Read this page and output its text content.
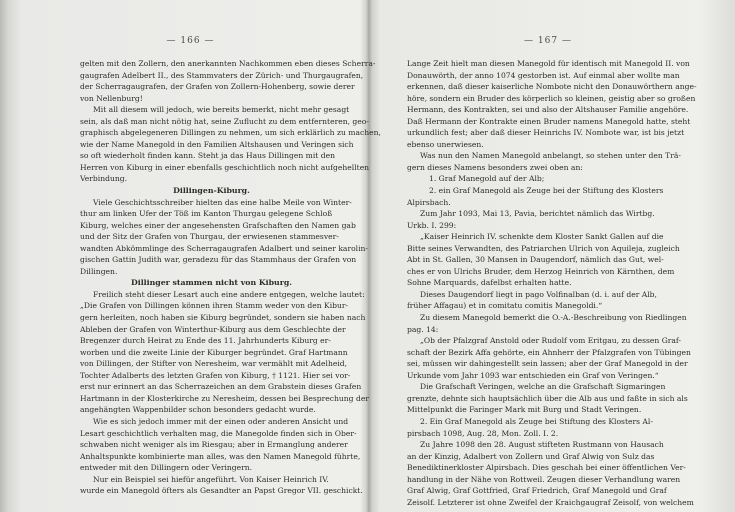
— 166 —
gelten mit den Zollern, den anerkannten Nachkommen eben dieses Scherra-
gaugrafen Adelbert II., des Stammvaters der Zürich- und Thurgaugrafen,
der Scherragaugrafen, der Grafen von Zollern-Hohenberg, sowie derer
von Nellenburg!
Mit all diesem will jedoch, wie bereits bemerkt, nicht mehr gesagt
sein, als daß man nicht nötig hat, seine Zuflucht zu dem entfernteren, geo-
graphisch abgelegeneren Dillingen zu nehmen, um sich erklärlich zu machen,
wie der Name Manegold in den Familien Altshausen und Veringen sich
so oft wiederholt finden kann. Steht ja das Haus Dillingen mit den
Herren von Kiburg in einer ebenfalls geschichtlich noch nicht aufgehellten
Verbindung.
Dillingen-Kiburg.
Viele Geschichtsschreiber hielten das eine halbe Meile von Winter-
thur am linken Ufer der Töß im Kanton Thurgau gelegene Schloß
Kiburg, welches einer der angesehensten Grafschaften den Namen gab
und der Sitz der Grafen von Thurgau, der erwiesenen stammesver-
wandten Abkömmlinge des Scherragaugrafen Adalbert und seiner karolin-
gischen Gattin Judith war, geradezu für das Stammhaus der Grafen von
Dillingen.
Dillinger stammen nicht von Kiburg.
Freilich steht dieser Lesart auch eine andere entgegen, welche lautet:
„Die Grafen von Dillingen können ihren Stamm weder von den Kibur-
gern herleiten, noch haben sie Kiburg begründet, sondern sie haben nach
Ableben der Grafen von Winterthur-Kiburg aus dem Geschlechte der
Bregenzer durch Heirat zu Ende des 11. Jahrhunderts Kiburg er-
worben und die zweite Linie der Kiburger begründet. Graf Hartmann
von Dillingen, der Stifter von Neresheim, war vermählt mit Adelheid,
Tochter Adalberts des letzten Grafen von Kiburg, † 1121. Hier sei vor-
erst nur erinnert an das Scherrazeichen an dem Grabstein dieses Grafen
Hartmann in der Klosterkirche zu Neresheim, dessen bei Besprechung der
angehängten Wappenbilder schon besonders gedacht wurde.
Wie es sich jedoch immer mit der einen oder anderen Ansicht und
Lesart geschichtlich verhalten mag, die Manegolde finden sich in Ober-
schwaben nicht weniger als im Riesgau; aber in Ermanglung anderer
Anhaltspunkte kombinierte man alles, was den Namen Manegold führte,
entweder mit den Dillingern oder Veringern.
Nur ein Beispiel sei hiefür angeführt. Von Kaiser Heinrich IV.
wurde ein Manegold öfters als Gesandter an Papst Gregor VII. geschickt.
— 167 —
Lange Zeit hielt man diesen Manegold für identisch mit Manegold II. von
Donauwörth, der anno 1074 gestorben ist. Auf einmal aber wollte man
erkennen, daß dieser kaiserliche Nombote nicht den Donauwörthern ange-
höre, sondern ein Bruder des körperlich so kleinen, geistig aber so großen
Hermann, des Kontrakten, sei und also der Altshauser Familie angehöre.
Daß Hermann der Kontrakte einen Bruder namens Manegold hatte, steht
urkundlich fest; aber daß dieser Heinrichs IV. Nombote war, ist bis jetzt
ebenso unerwiesen.
Was nun den Namen Manegold anbelangt, so stehen unter den Trä-
gern dieses Namens besonders zwei oben an:
1. Graf Manegold auf der Alb;
2. ein Graf Manegold als Zeuge bei der Stiftung des Klosters
Alpirsbach.
Zum Jahr 1093, Mai 13, Pavia, berichtet nämlich das Wirtbg.
Urkb. I. 299:
„Kaiser Heinrich IV. schenkte dem Kloster Sankt Gallen auf die
Bitte seines Verwandten, des Patriarchen Ulrich von Aquileja, zugleich
Abt in St. Gallen, 30 Mansen in Daugendorf, nämlich das Gut, wel-
ches er von Ulrichs Bruder, dem Herzog Heinrich von Kärnthen, dem
Sohne Marquards, dafelbst erhalten hatte.
Dieses Daugendorf liegt in pago Volfinalban (d. i. auf der Alb,
früher Affagau) et in comitatu comitis Manegoldi.“
Zu diesem Manegold bemerkt die O.-A.-Beschreibung von Riedlingen
pag. 14:
„Ob der Pfalzgraf Anstold oder Rudolf vom Eritgau, zu dessen Graf-
schaft der Bezirk Affa gehörte, ein Ahnherr der Pfalzgrafen von Tübingen
sei, müssen wir dahingestellt sein lassen; aber der Graf Manegold in der
Urkunde vom Jahr 1093 war entschieden ein Graf von Veringen.“
Die Grafschaft Veringen, welche an die Grafschaft Sigmaringen
grenzte, dehnte sich hauptsächlich über die Alb aus und faßte in sich als
Mittelpunkt die Faringer Mark mit Burg und Stadt Veringen.
2. Ein Graf Manegold als Zeuge bei Stiftung des Klosters Al-
pirsbach 1098, Aug. 28, Mon. Zoll. I. 2.
Zu Jahre 1098 den 28. August stifteten Rustmann von Hausach
an der Kinzig, Adalbert von Zollern und Graf Alwig von Sulz das
Benediktinerkloster Alpirsbach. Dies geschah bei einer öffentlichen Ver-
handlung in der Nähe von Rottweil. Zeugen dieser Verhandlung waren
Graf Alwig, Graf Gottfried, Graf Friedrich, Graf Manegold und Graf
Zeisolf. Letzterer ist ohne Zweifel der Kraichgaugraf Zeisolf, von welchem
